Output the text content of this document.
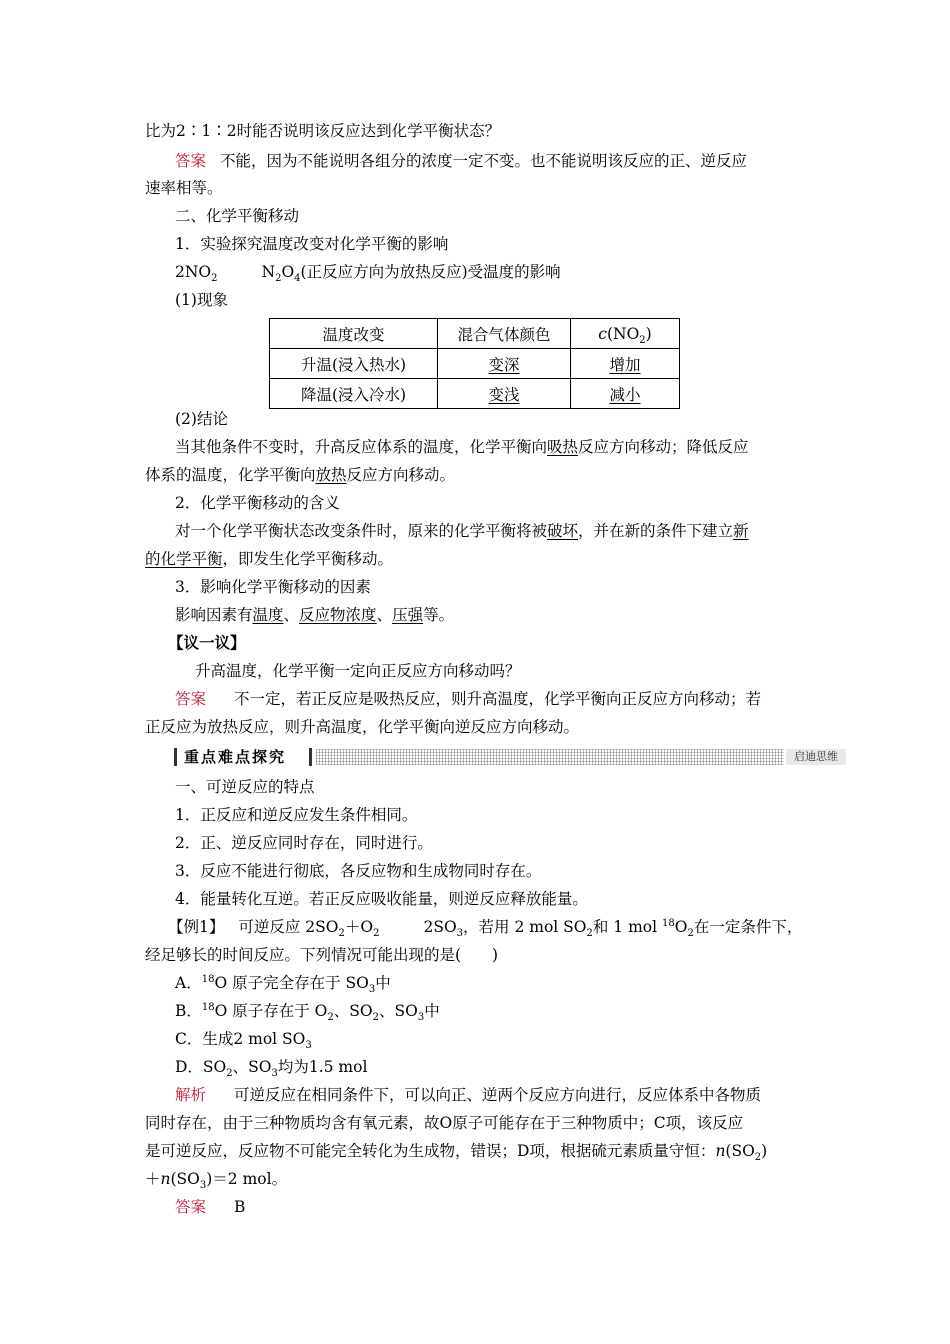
比为2∶1∶2时能否说明该反应达到化学平衡状态？
答案 不能，因为不能说明各组分的浓度一定不变。也不能说明该反应的正、逆反应
速率相等。
二、化学平衡移动
1．实验探究温度改变对化学平衡的影响
$2NO_2$	$N_2O_4$(正反应方向为放热反应)受温度的影响
(1)现象
温度改变	混合气体颜色	$c(NO_2)$
升温(浸入热水)	变深	增加
降温(浸入冷水)	变浅	减小
(2)结论
当其他条件不变时，升高反应体系的温度，化学平衡向吸热反应方向移动；降低反应
体系的温度，化学平衡向放热反应方向移动。
2．化学平衡移动的含义
对一个化学平衡状态改变条件时，原来的化学平衡将被破坏，并在新的条件下建立新
的化学平衡，即发生化学平衡移动。
3．影响化学平衡移动的因素
影响因素有温度、反应物浓度、压强等。
【议一议】
升高温度，化学平衡一定向正反应方向移动吗？
答案 不一定，若正反应是吸热反应，则升高温度，化学平衡向正反应方向移动；若
正反应为放热反应，则升高温度，化学平衡向逆反应方向移动。
重点难点探究	启迪思维
一、可逆反应的特点
1．正反应和逆反应发生条件相同。
2．正、逆反应同时存在，同时进行。
3．反应不能进行彻底，各反应物和生成物同时存在。
4．能量转化互逆。若正反应吸收能量，则逆反应释放能量。
【例1】 可逆反应 $2SO_2+O_2$	$2SO_3$，若用 2 mol $SO_2$和 1 mol $^{18}O_2$在一定条件下，
经足够长的时间反应。下列情况可能出现的是(　　)
A．$^{18}$O 原子完全存在于 $SO_3$中
B．$^{18}$O 原子存在于 $O_2$、$SO_2$、$SO_3$中
C．生成2 mol $SO_3$
D．$SO_2$、$SO_3$均为1.5 mol
解析 可逆反应在相同条件下，可以向正、逆两个反应方向进行，反应体系中各物质
同时存在，由于三种物质均含有氧元素，故O原子可能存在于三种物质中；C项，该反应
是可逆反应，反应物不可能完全转化为生成物，错误；D项，根据硫元素质量守恒：$n(SO_2)$
$+n(SO_3)=2$ mol。
答案 B
